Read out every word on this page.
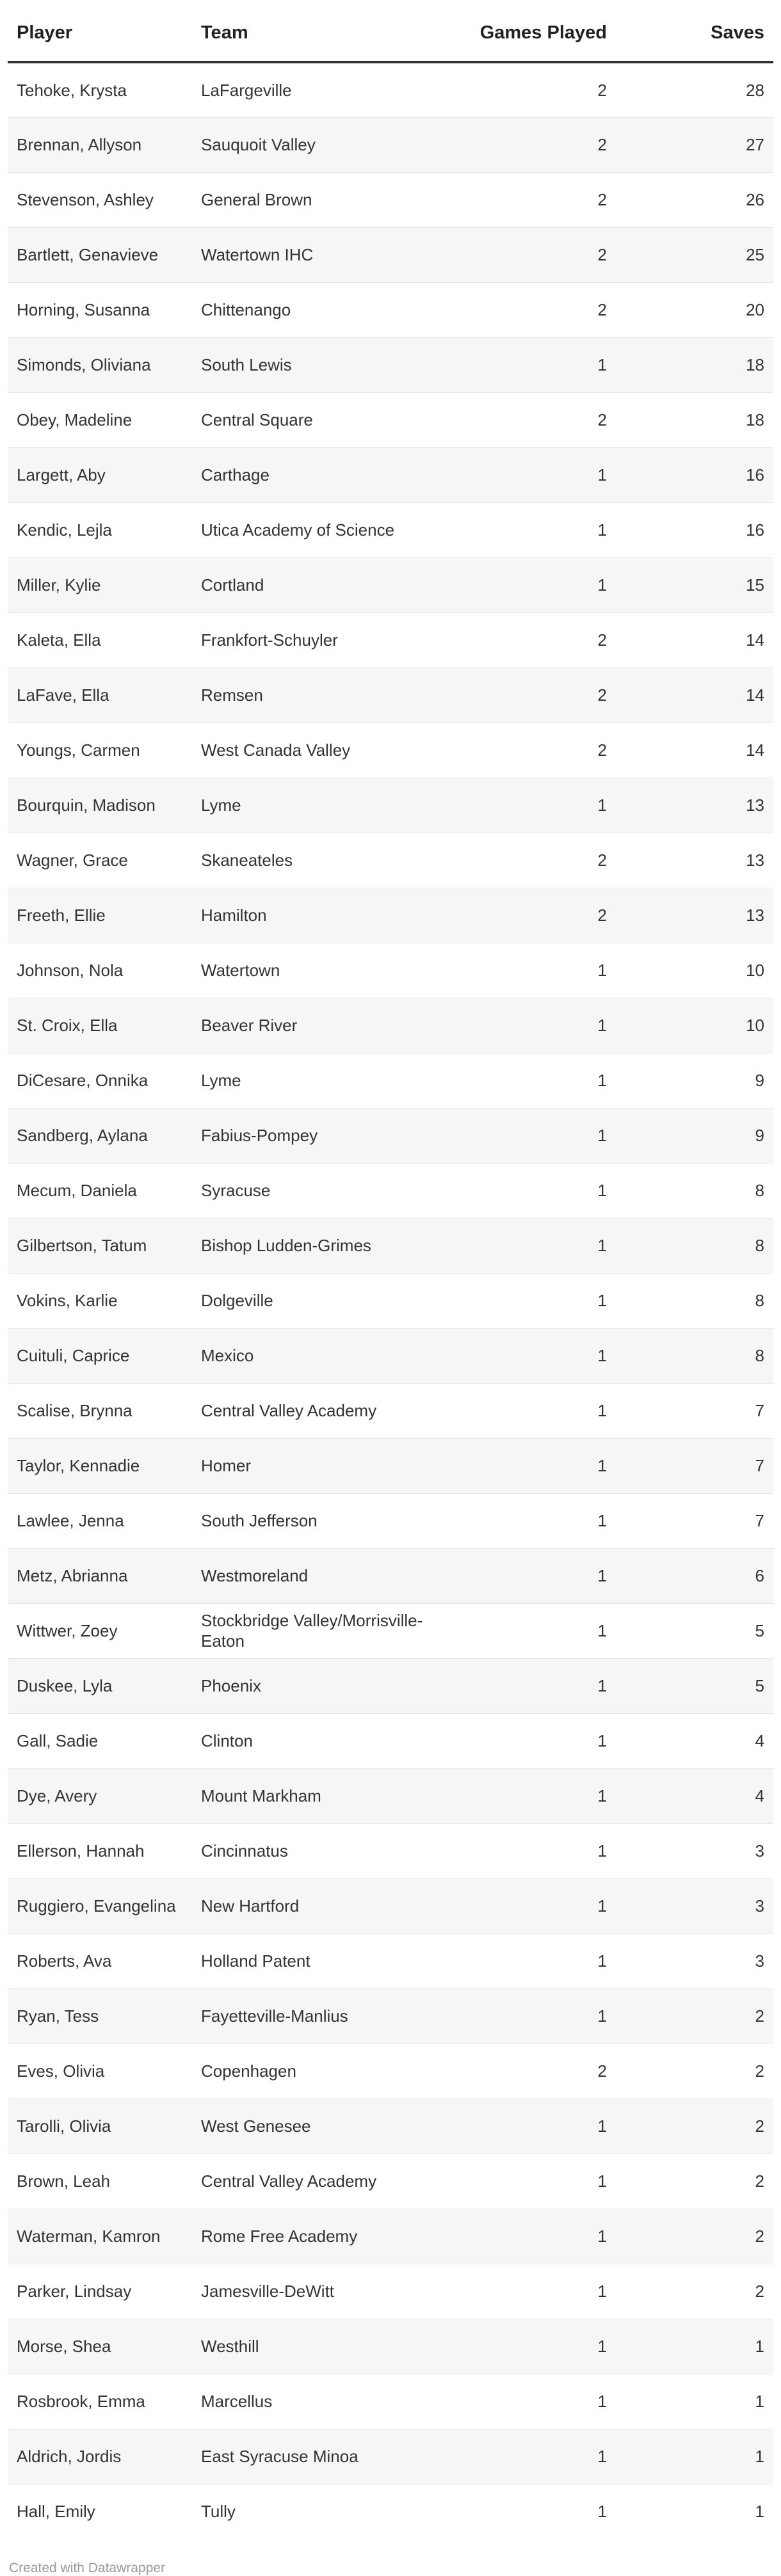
Player	Team	Games Played	Saves
Tehoke, Krysta	LaFargeville	2	28
Brennan, Allyson	Sauquoit Valley	2	27
Stevenson, Ashley	General Brown	2	26
Bartlett, Genavieve	Watertown IHC	2	25
Horning, Susanna	Chittenango	2	20
Simonds, Oliviana	South Lewis	1	18
Obey, Madeline	Central Square	2	18
Largett, Aby	Carthage	1	16
Kendic, Lejla	Utica Academy of Science	1	16
Miller, Kylie	Cortland	1	15
Kaleta, Ella	Frankfort-Schuyler	2	14
LaFave, Ella	Remsen	2	14
Youngs, Carmen	West Canada Valley	2	14
Bourquin, Madison	Lyme	1	13
Wagner, Grace	Skaneateles	2	13
Freeth, Ellie	Hamilton	2	13
Johnson, Nola	Watertown	1	10
St. Croix, Ella	Beaver River	1	10
DiCesare, Onnika	Lyme	1	9
Sandberg, Aylana	Fabius-Pompey	1	9
Mecum, Daniela	Syracuse	1	8
Gilbertson, Tatum	Bishop Ludden-Grimes	1	8
Vokins, Karlie	Dolgeville	1	8
Cuituli, Caprice	Mexico	1	8
Scalise, Brynna	Central Valley Academy	1	7
Taylor, Kennadie	Homer	1	7
Lawlee, Jenna	South Jefferson	1	7
Metz, Abrianna	Westmoreland	1	6
Wittwer, Zoey	Stockbridge Valley/Morrisville-Eaton	1	5
Duskee, Lyla	Phoenix	1	5
Gall, Sadie	Clinton	1	4
Dye, Avery	Mount Markham	1	4
Ellerson, Hannah	Cincinnatus	1	3
Ruggiero, Evangelina	New Hartford	1	3
Roberts, Ava	Holland Patent	1	3
Ryan, Tess	Fayetteville-Manlius	1	2
Eves, Olivia	Copenhagen	2	2
Tarolli, Olivia	West Genesee	1	2
Brown, Leah	Central Valley Academy	1	2
Waterman, Kamron	Rome Free Academy	1	2
Parker, Lindsay	Jamesville-DeWitt	1	2
Morse, Shea	Westhill	1	1
Rosbrook, Emma	Marcellus	1	1
Aldrich, Jordis	East Syracuse Minoa	1	1
Hall, Emily	Tully	1	1
Created with Datawrapper
